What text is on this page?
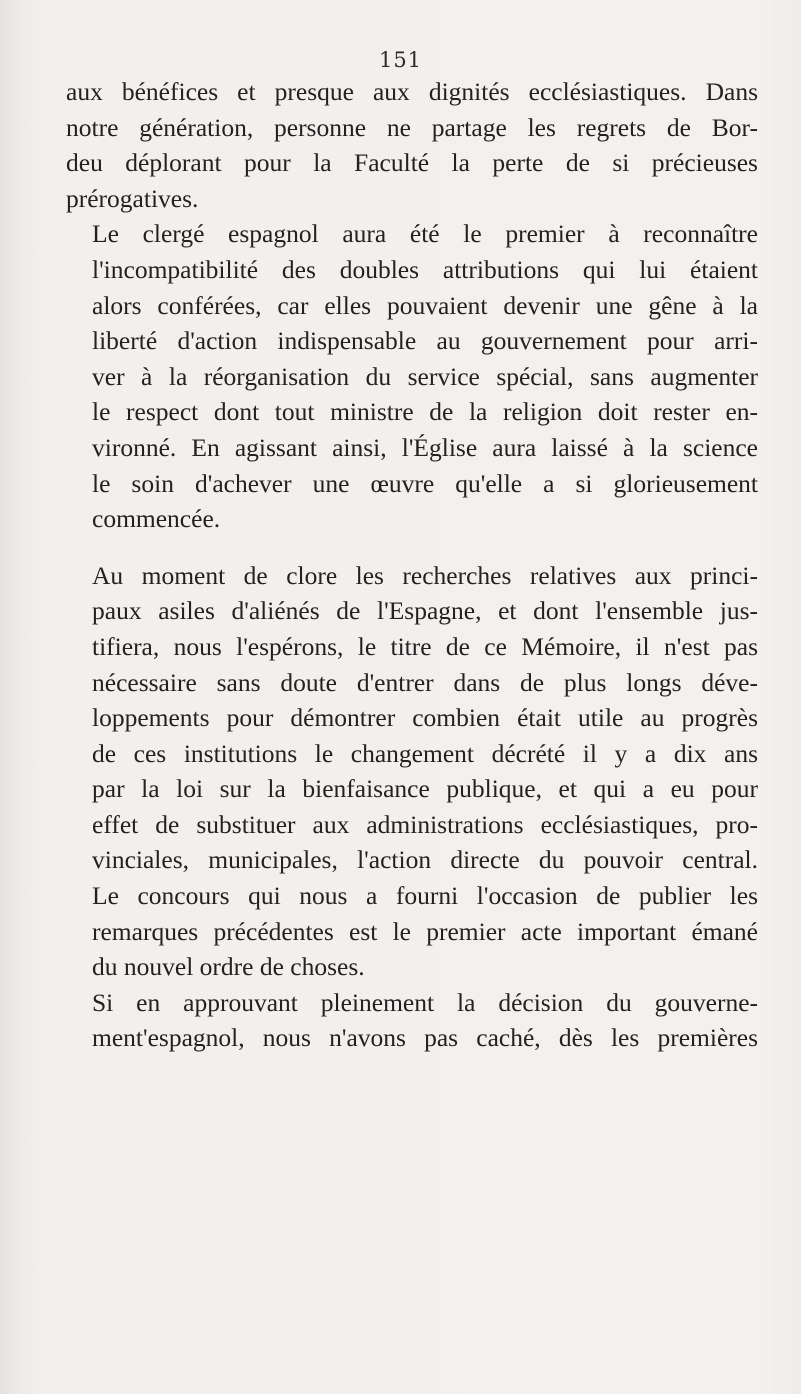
151

aux bénéfices et presque aux dignités ecclésiastiques. Dans
notre génération, personne ne partage les regrets de Bor-
deu déplorant pour la Faculté la perte de si précieuses
prérogatives.

Le clergé espagnol aura été le premier à reconnaître
l'incompatibilité des doubles attributions qui lui étaient
alors conférées, car elles pouvaient devenir une gêne à la
liberté d'action indispensable au gouvernement pour arri-
ver à la réorganisation du service spécial, sans augmenter
le respect dont tout ministre de la religion doit rester en-
vironné. En agissant ainsi, l'Église aura laissé à la science
le soin d'achever une œuvre qu'elle a si glorieusement
commencée.

Au moment de clore les recherches relatives aux princi-
paux asiles d'aliénés de l'Espagne, et dont l'ensemble jus-
tifiera, nous l'espérons, le titre de ce Mémoire, il n'est pas
nécessaire sans doute d'entrer dans de plus longs déve-
loppements pour démontrer combien était utile au progrès
de ces institutions le changement décrété il y a dix ans
par la loi sur la bienfaisance publique, et qui a eu pour
effet de substituer aux administrations ecclésiastiques, pro-
vinciales, municipales, l'action directe du pouvoir central.
Le concours qui nous a fourni l'occasion de publier les
remarques précédentes est le premier acte important émané
du nouvel ordre de choses.

Si en approuvant pleinement la décision du gouverne-
ment'espagnol, nous n'avons pas caché, dès les premières
